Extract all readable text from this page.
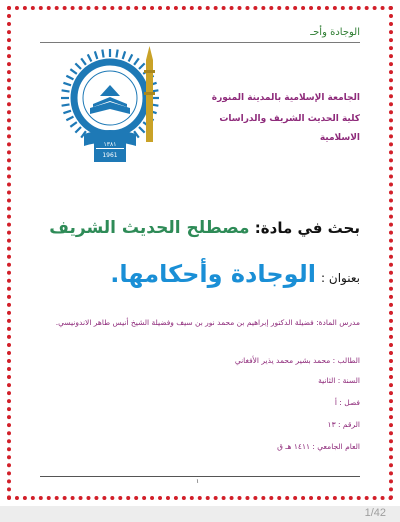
الوجادة وأحـ
١٣٨١
1961
الجامعة الإسلامية بالمدينة المنورة
كلية الحديث الشريف والدراسات
الاسلامية
بحث في مادة: مصطلح الحديث الشريف
بعنوان : الوجادة وأحكامها.
مدرس المادة: فضيلة الدكتور إبراهيم بن محمد نور بن سيف وفضيلة الشيخ أنيس طاهر الاندونيسي.
الطالب : محمد بشير محمد يذير الأفغاني
السنة : الثانية
فصل : أ
الرقم : ١٣
العام الجامعي : ١٤١١ هـ ق
١
1/42
